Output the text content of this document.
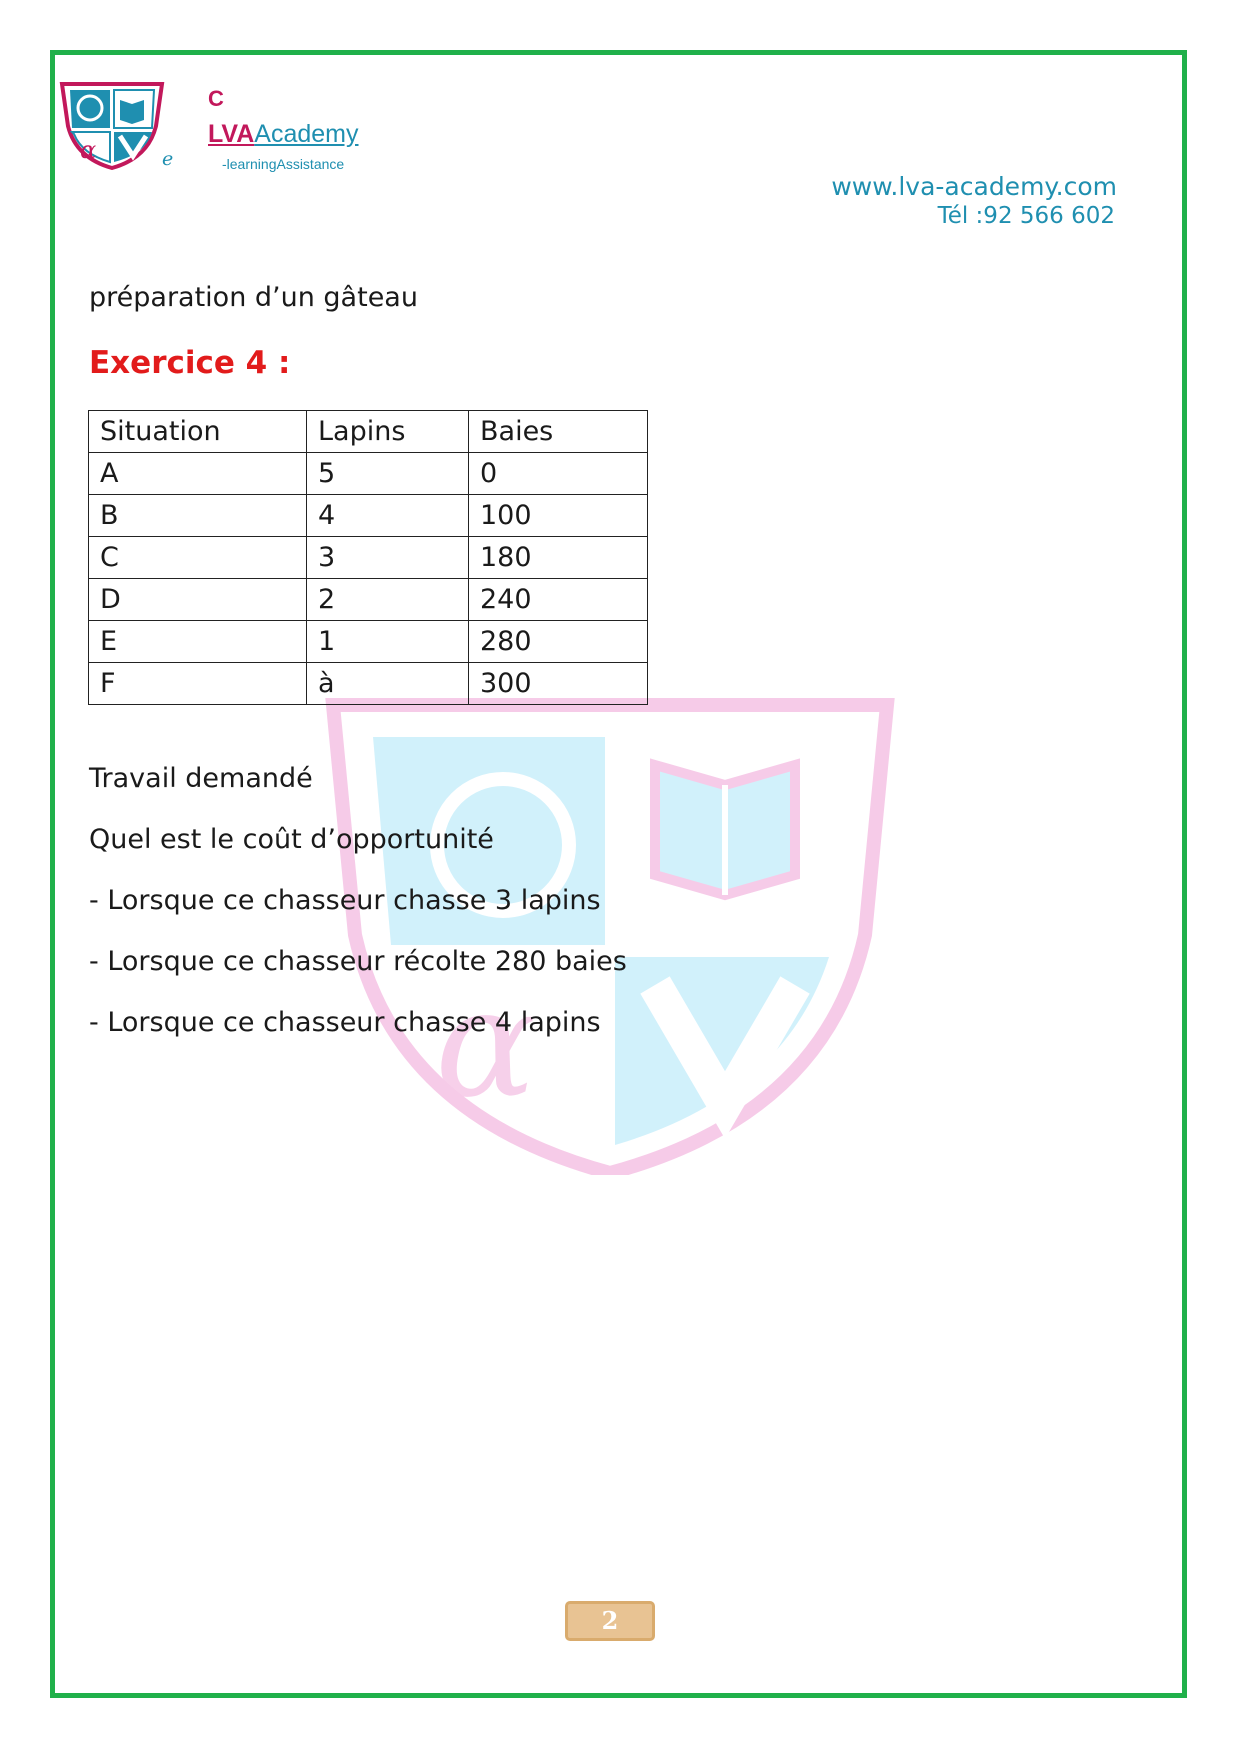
α
C
LVAAcademy
e	-learningAssistance
www.lva-academy.com
Tél :92 566 602
α
préparation d’un gâteau
Exercice 4 :
Situation	Lapins	Baies
A	5	0
B	4	100
C	3	180
D	2	240
E	1	280
F	à	300
Travail demandé
Quel est le coût d’opportunité
- Lorsque ce chasseur chasse 3 lapins
- Lorsque ce chasseur récolte 280 baies
- Lorsque ce chasseur chasse 4 lapins
2
